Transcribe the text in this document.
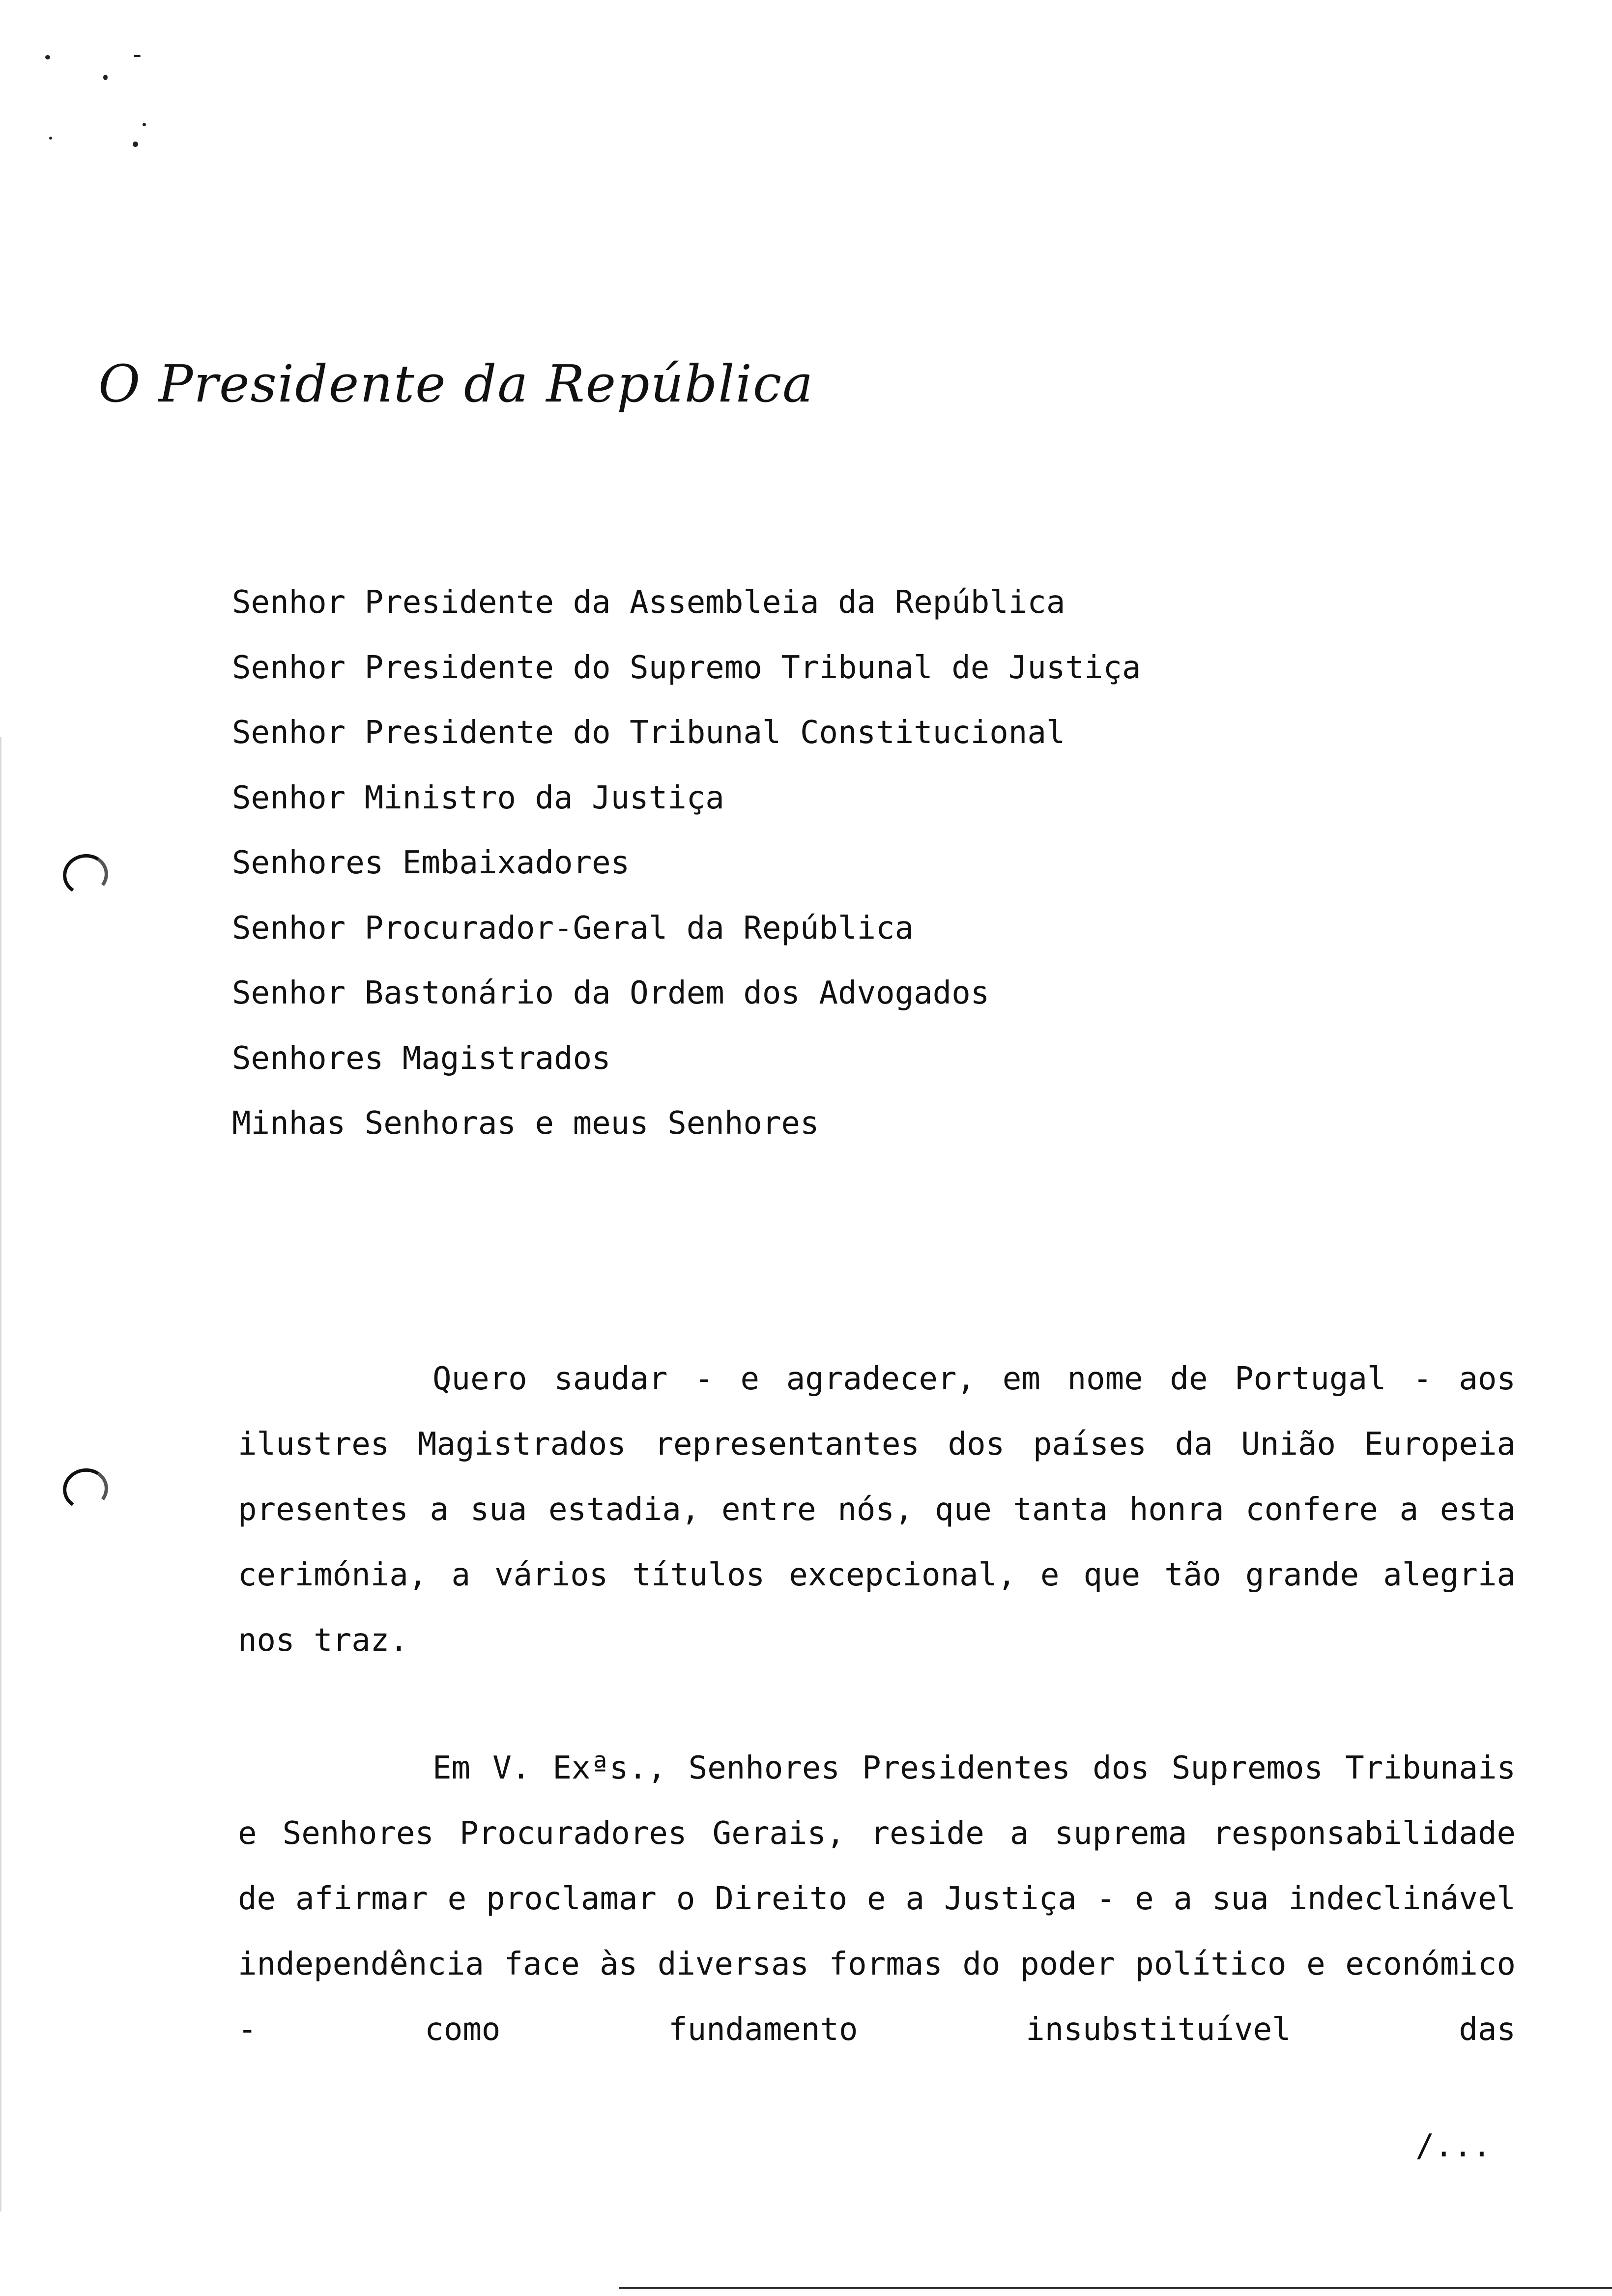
O Presidente da República
Senhor Presidente da Assembleia da República
Senhor Presidente do Supremo Tribunal de Justiça
Senhor Presidente do Tribunal Constitucional
Senhor Ministro da Justiça
Senhores Embaixadores
Senhor Procurador-Geral da República
Senhor Bastonário da Ordem dos Advogados
Senhores Magistrados
Minhas Senhoras e meus Senhores

Quero saudar - e agradecer, em nome de Portugal - aos ilustres Magistrados representantes dos países da União Europeia presentes a sua estadia, entre nós, que tanta honra confere a esta cerimónia, a vários títulos excepcional, e que tão grande alegria nos traz.

Em V. Exªs., Senhores Presidentes dos Supremos Tribunais e Senhores Procuradores Gerais, reside a suprema responsabilidade de afirmar e proclamar o Direito e a Justiça - e a sua indeclinável independência face às diversas formas do poder político e económico - como fundamento insubstituível das

/...
